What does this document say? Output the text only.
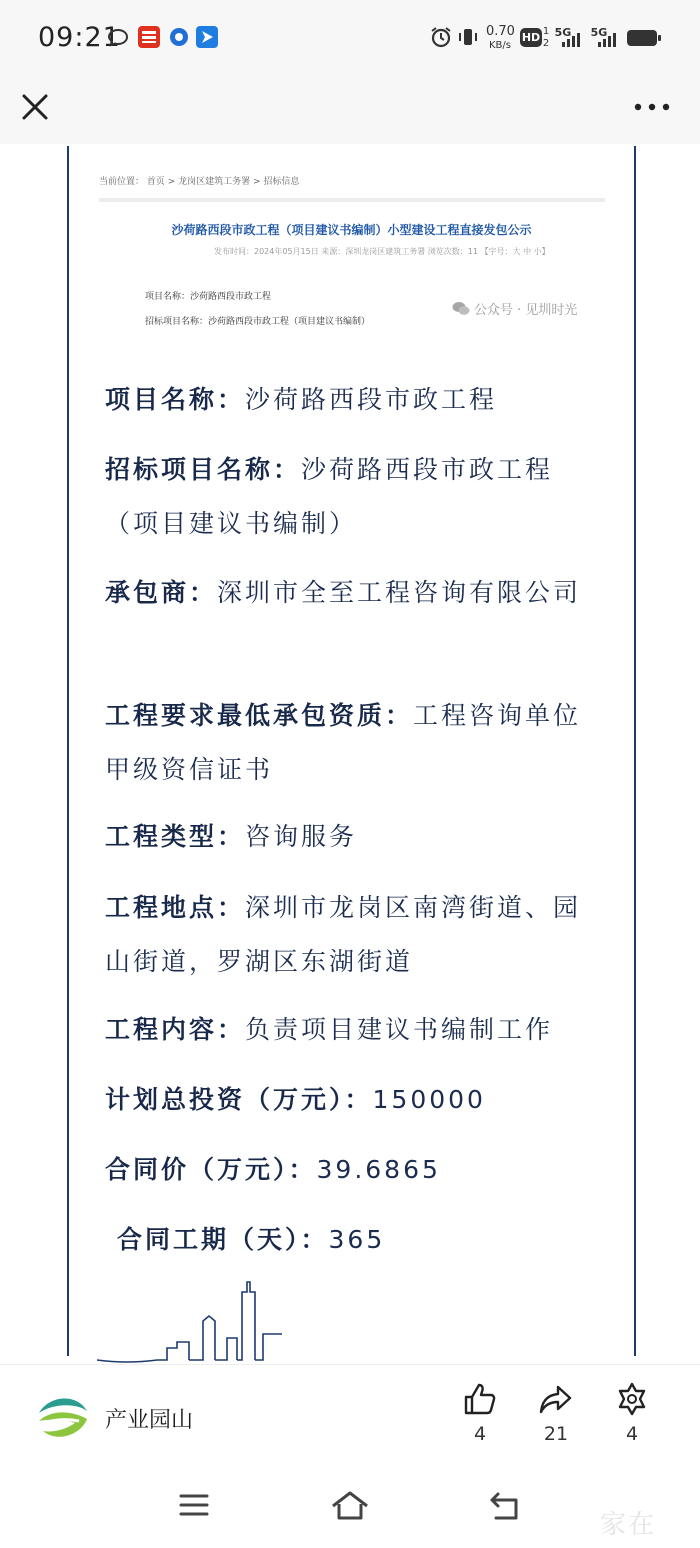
09:21	0.70
KB/s
HD 1
2
5G 5G
当前位置： 首页 > 龙岗区建筑工务署 > 招标信息
沙荷路西段市政工程（项目建议书编制）小型建设工程直接发包公示
发布时间：2024年05月15日 来源：深圳龙岗区建筑工务署 浏览次数：11 【字号：大 中 小】
项目名称：沙荷路西段市政工程
招标项目名称：沙荷路西段市政工程（项目建议书编制）
公众号 · 见圳时光
项目名称：沙荷路西段市政工程
招标项目名称：沙荷路西段市政工程（项目建议书编制）
承包商：深圳市全至工程咨询有限公司
工程要求最低承包资质：工程咨询单位甲级资信证书
工程类型：咨询服务
工程地点：深圳市龙岗区南湾街道、园山街道，罗湖区东湖街道
工程内容：负责项目建议书编制工作
计划总投资（万元）：150000
合同价（万元）：39.6865
合同工期（天）：365
产业园山
4	21	4
家在
